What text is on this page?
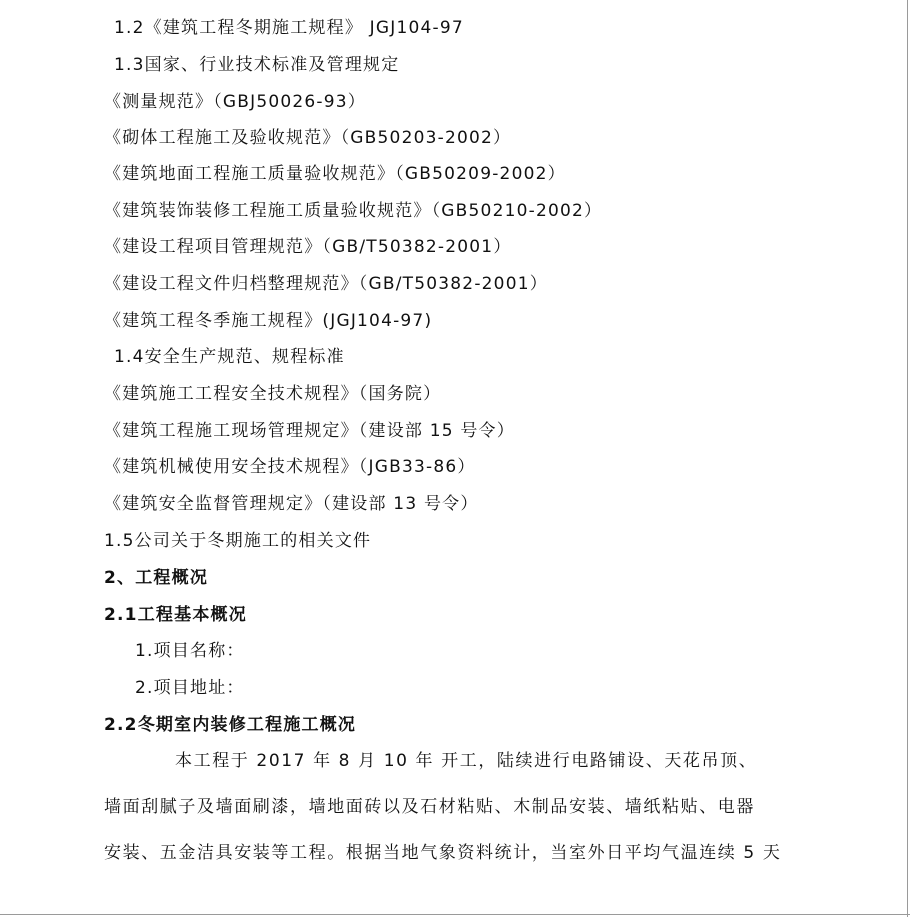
1.2《建筑工程冬期施工规程》 JGJ104-97
1.3国家、行业技术标准及管理规定
《测量规范》（GBJ50026-93）
《砌体工程施工及验收规范》（GB50203-2002）
《建筑地面工程施工质量验收规范》（GB50209-2002）
《建筑装饰装修工程施工质量验收规范》（GB50210-2002）
《建设工程项目管理规范》（GB/T50382-2001）
《建设工程文件归档整理规范》（GB/T50382-2001）
《建筑工程冬季施工规程》(JGJ104-97)
1.4安全生产规范、规程标准
《建筑施工工程安全技术规程》（国务院）
《建筑工程施工现场管理规定》（建设部 15 号令）
《建筑机械使用安全技术规程》（JGB33-86）
《建筑安全监督管理规定》（建设部 13 号令）
1.5公司关于冬期施工的相关文件
2、工程概况
2.1工程基本概况
1.项目名称：
2.项目地址：
2.2冬期室内装修工程施工概况
本工程于 2017 年 8 月 10 年 开工，陆续进行电路铺设、天花吊顶、
墙面刮腻子及墙面刷漆，墙地面砖以及石材粘贴、木制品安装、墙纸粘贴、电器
安装、五金洁具安装等工程。根据当地气象资料统计，当室外日平均气温连续 5 天
